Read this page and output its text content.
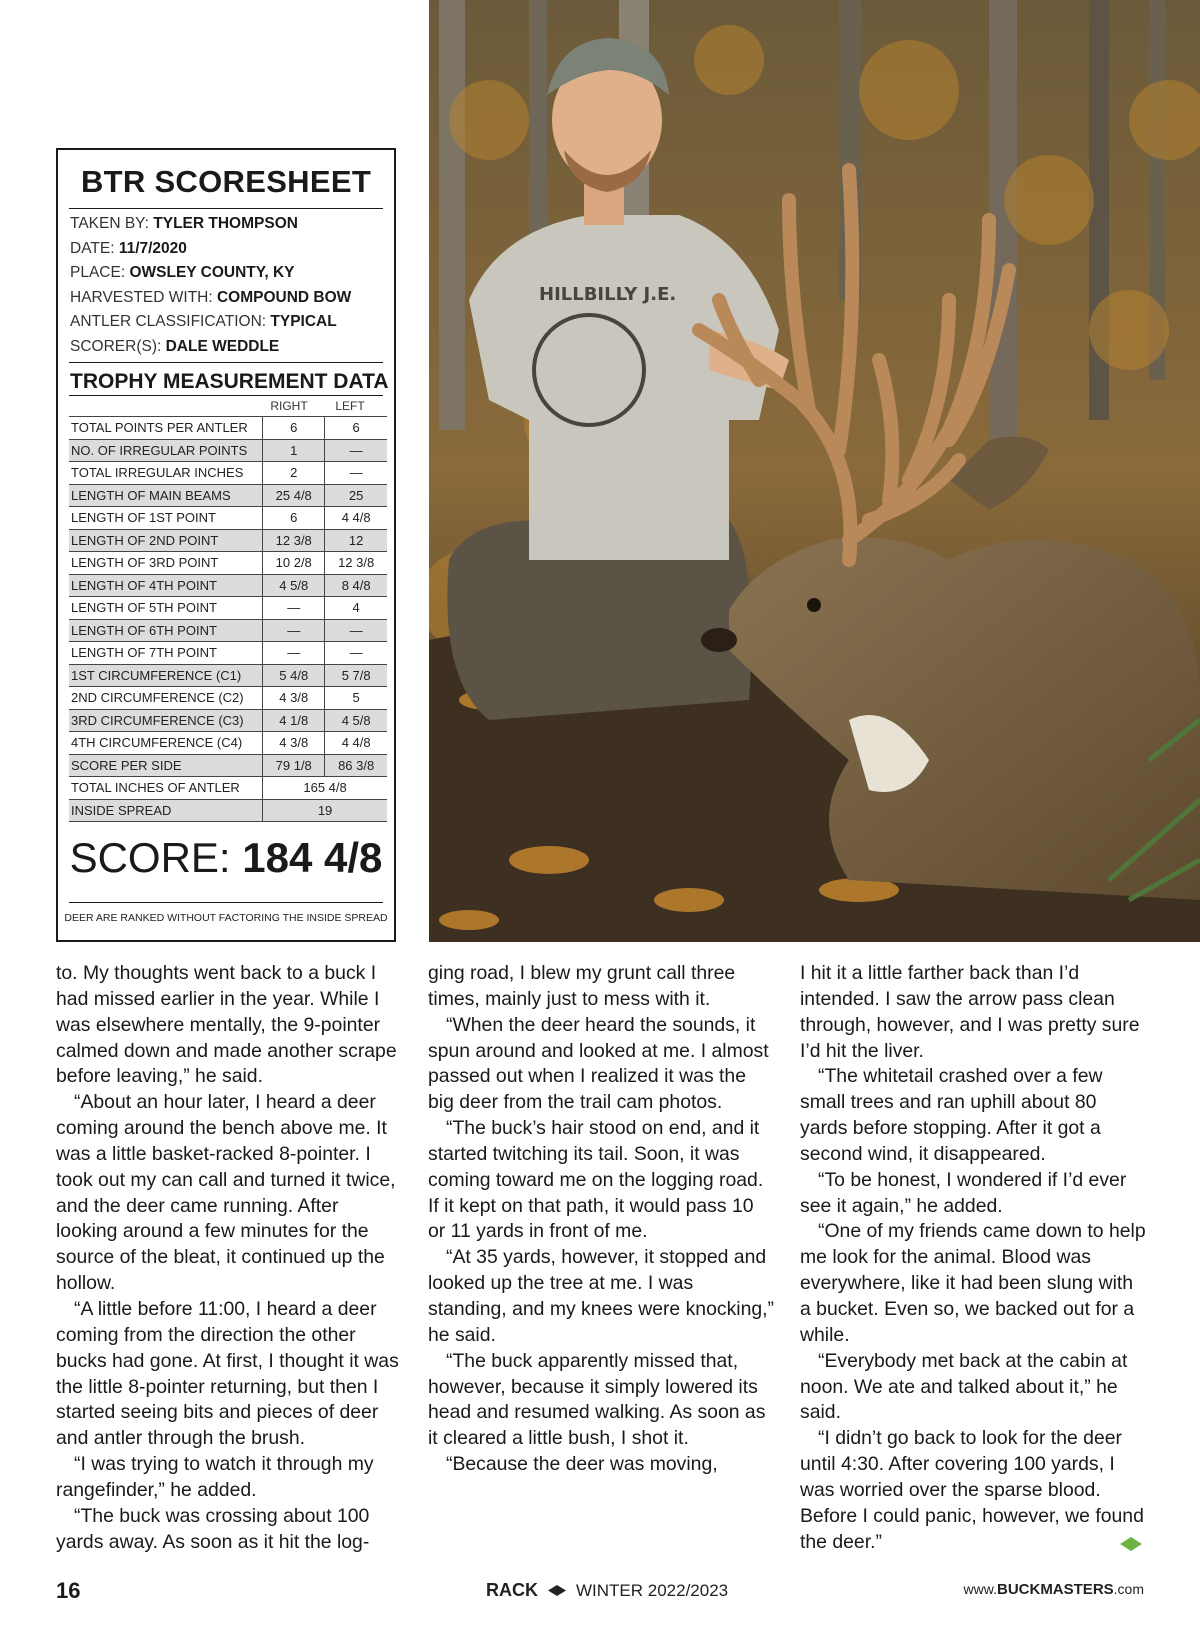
BTR SCORESHEET
TAKEN BY: TYLER THOMPSON
DATE: 11/7/2020
PLACE: OWSLEY COUNTY, KY
HARVESTED WITH: COMPOUND BOW
ANTLER CLASSIFICATION: TYPICAL
SCORER(S): DALE WEDDLE
TROPHY MEASUREMENT DATA
RIGHT	LEFT
TOTAL POINTS PER ANTLER	6	6
NO. OF IRREGULAR POINTS	1	—
TOTAL IRREGULAR INCHES	2	—
LENGTH OF MAIN BEAMS	25 4/8	25
LENGTH OF 1ST POINT	6	4 4/8
LENGTH OF 2ND POINT	12 3/8	12
LENGTH OF 3RD POINT	10 2/8	12 3/8
LENGTH OF 4TH POINT	4 5/8	8 4/8
LENGTH OF 5TH POINT	—	4
LENGTH OF 6TH POINT	—	—
LENGTH OF 7TH POINT	—	—
1ST CIRCUMFERENCE (C1)	5 4/8	5 7/8
2ND CIRCUMFERENCE (C2)	4 3/8	5
3RD CIRCUMFERENCE (C3)	4 1/8	4 5/8
4TH CIRCUMFERENCE (C4)	4 3/8	4 4/8
SCORE PER SIDE	79 1/8	86 3/8
TOTAL INCHES OF ANTLER	165 4/8	
INSIDE SPREAD	19	
SCORE: 184 4/8
DEER ARE RANKED WITHOUT FACTORING THE INSIDE SPREAD
HILLBILLY J.E.

to. My thoughts went back to a buck I had missed earlier in the year. While I was elsewhere mentally, the 9-pointer calmed down and made another scrape before leaving,” he said.

“About an hour later, I heard a deer coming around the bench above me. It was a little basket-racked 8-pointer. I took out my can call and turned it twice, and the deer came running. After looking around a few minutes for the source of the bleat, it continued up the hollow.

“A little before 11:00, I heard a deer coming from the direction the other bucks had gone. At first, I thought it was the little 8-pointer returning, but then I started seeing bits and pieces of deer and antler through the brush.

“I was trying to watch it through my rangefinder,” he added.

“The buck was crossing about 100 yards away. As soon as it hit the log-

ging road, I blew my grunt call three times, mainly just to mess with it.

“When the deer heard the sounds, it spun around and looked at me. I almost passed out when I realized it was the big deer from the trail cam photos.

“The buck’s hair stood on end, and it started twitching its tail. Soon, it was coming toward me on the logging road. If it kept on that path, it would pass 10 or 11 yards in front of me.

“At 35 yards, however, it stopped and looked up the tree at me. I was standing, and my knees were knocking,” he said.

“The buck apparently missed that, however, because it simply lowered its head and resumed walking. As soon as it cleared a little bush, I shot it.

“Because the deer was moving,

I hit it a little farther back than I’d intended. I saw the arrow pass clean through, however, and I was pretty sure I’d hit the liver.

“The whitetail crashed over a few small trees and ran uphill about 80 yards before stopping. After it got a second wind, it disappeared.

“To be honest, I wondered if I’d ever see it again,” he added.

“One of my friends came down to help me look for the animal. Blood was everywhere, like it had been slung with a bucket. Even so, we backed out for a while.

“Everybody met back at the cabin at noon. We ate and talked about it,” he said.

“I didn’t go back to look for the deer until 4:30. After covering 100 yards, I was worried over the sparse blood. Before I could panic, however, we found the deer.”

16	RACK WINTER 2022/2023	www.BUCKMASTERS.com
